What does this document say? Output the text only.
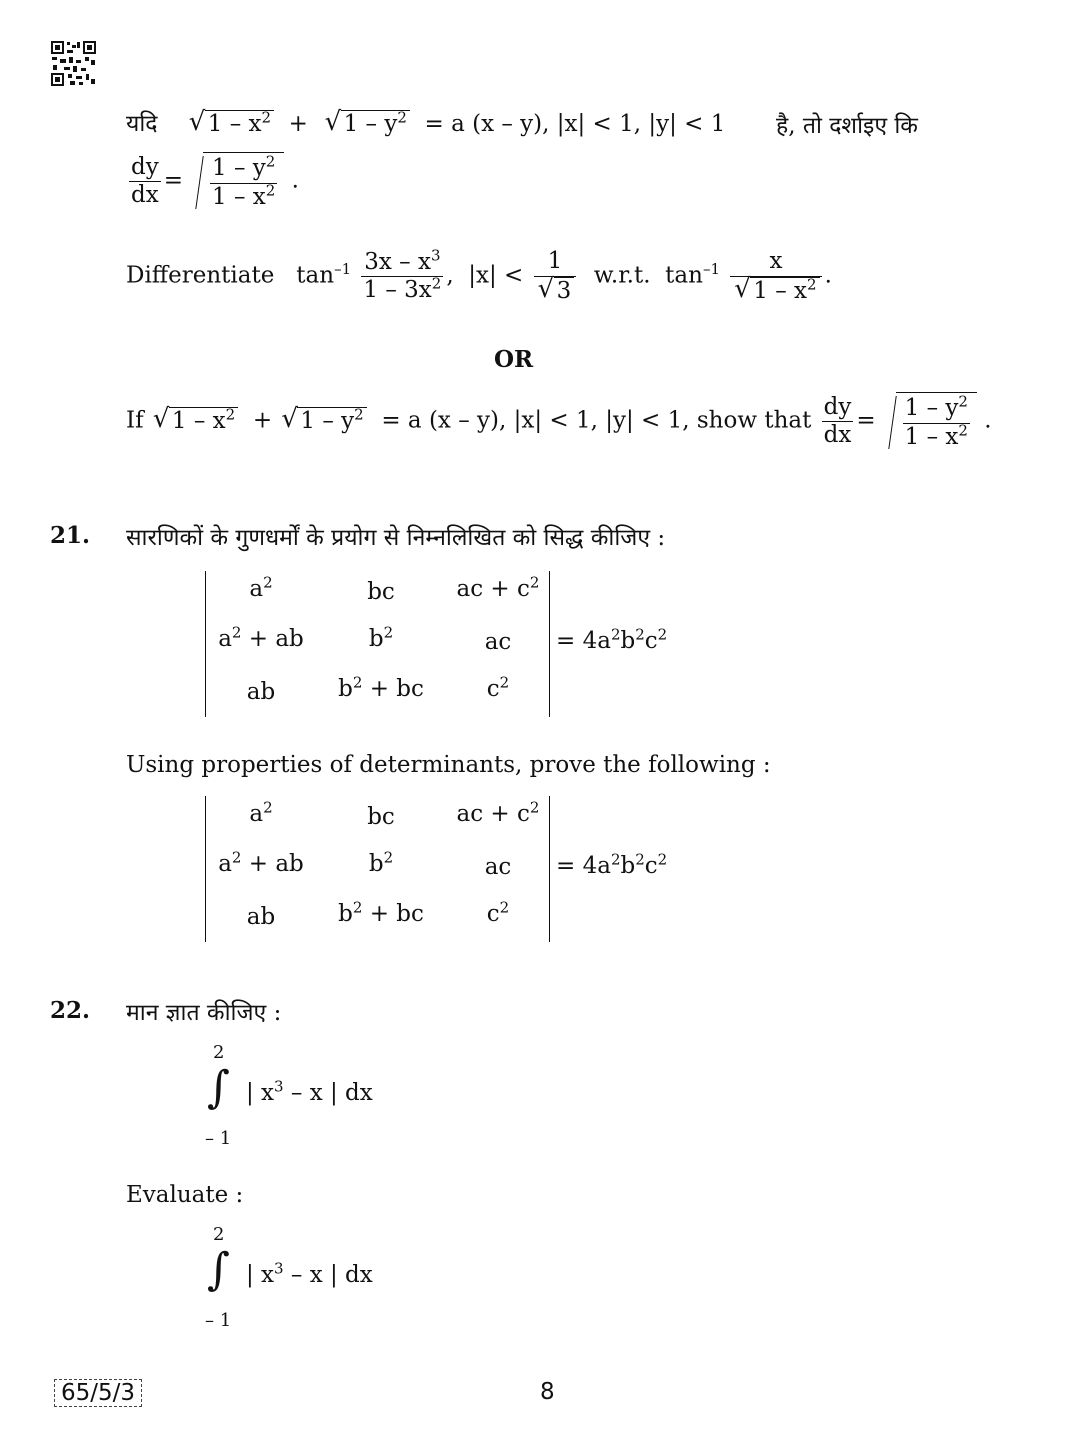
यदि √ $1 - x^2$  +  √ $1 - y^2 = a$ (x – y), |x| < 1, |y| < 1 है, तो दर्शाइए कि
$\frac{dy}{dx} = \frac{1 - y^2}{1 - x^2}$ .
Differentiate $\tan^{-1} \frac{3x - x^3}{1 - 3x^2}$ ,  |x| < 1
√ 3 w.r.t. $\tan^{-1} x$
√ $1 - x^2$ .
OR
If √ $1 - x^2$  + √ $1 - y^2 = a$ (x – y), |x| < 1, |y| < 1, show that $\frac{dy}{dx} = \frac{1 - y^2}{1 - x^2}$ .
21. सारणिकों के गुणधर्मों के प्रयोग से निम्नलिखित को सिद्ध कीजिए :
$a^2$	bc	ac + $c^2$
$a^2$ + ab	$b^2$	ac
ab	$b^2$ + bc	$c^2$
= $4a^2b^2c^2$
Using properties of determinants, prove the following :
$a^2$	bc	ac + $c^2$
$a^2$ + ab	$b^2$	ac
ab	$b^2$ + bc	$c^2$
= $4a^2b^2c^2$
22. मान ज्ञात कीजिए :
2
∫ | $x^3$ – x | dx
– 1
Evaluate :
2
∫ | $x^3$ – x | dx
– 1
65/5/3	8
